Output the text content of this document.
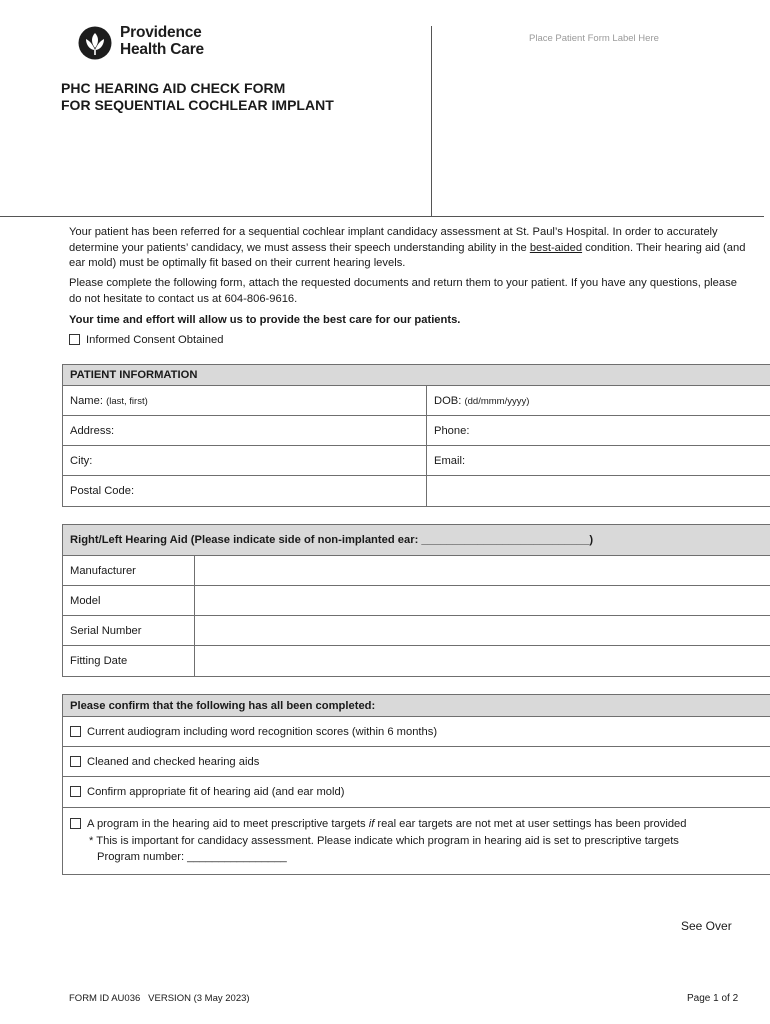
Providence
Health Care
PHC HEARING AID CHECK FORM
FOR SEQUENTIAL COCHLEAR IMPLANT
Place Patient Form Label Here
Your patient has been referred for a sequential cochlear implant candidacy assessment at St. Paul’s Hospital. In order to accurately determine your patients’ candidacy, we must assess their speech understanding ability in the best-aided condition. Their hearing aid (and ear mold) must be optimally fit based on their current hearing levels.
Please complete the following form, attach the requested documents and return them to your patient. If you have any questions, please do not hesitate to contact us at 604-806-9616.
Your time and effort will allow us to provide the best care for our patients.
Informed Consent Obtained
PATIENT INFORMATION	
Name: (last, first)	DOB: (dd/mmm/yyyy)
Address:	Phone:
City:	Email:
Postal Code:	
Right/Left Hearing Aid (Please indicate side of non-implanted ear: ___________________________)	
Manufacturer	
Model	
Serial Number	
Fitting Date	
Please confirm that the following has all been completed:
Current audiogram including word recognition scores (within 6 months)
Cleaned and checked hearing aids
Confirm appropriate fit of hearing aid (and ear mold)

A program in the hearing aid to meet prescriptive targets if real ear targets are not met at user settings has been provided
* This is important for candidacy assessment. Please indicate which program in hearing aid is set to prescriptive targets
Program number: ________________
See Over
FORM ID AU036   VERSION (3 May 2023)	Page 1 of 2
